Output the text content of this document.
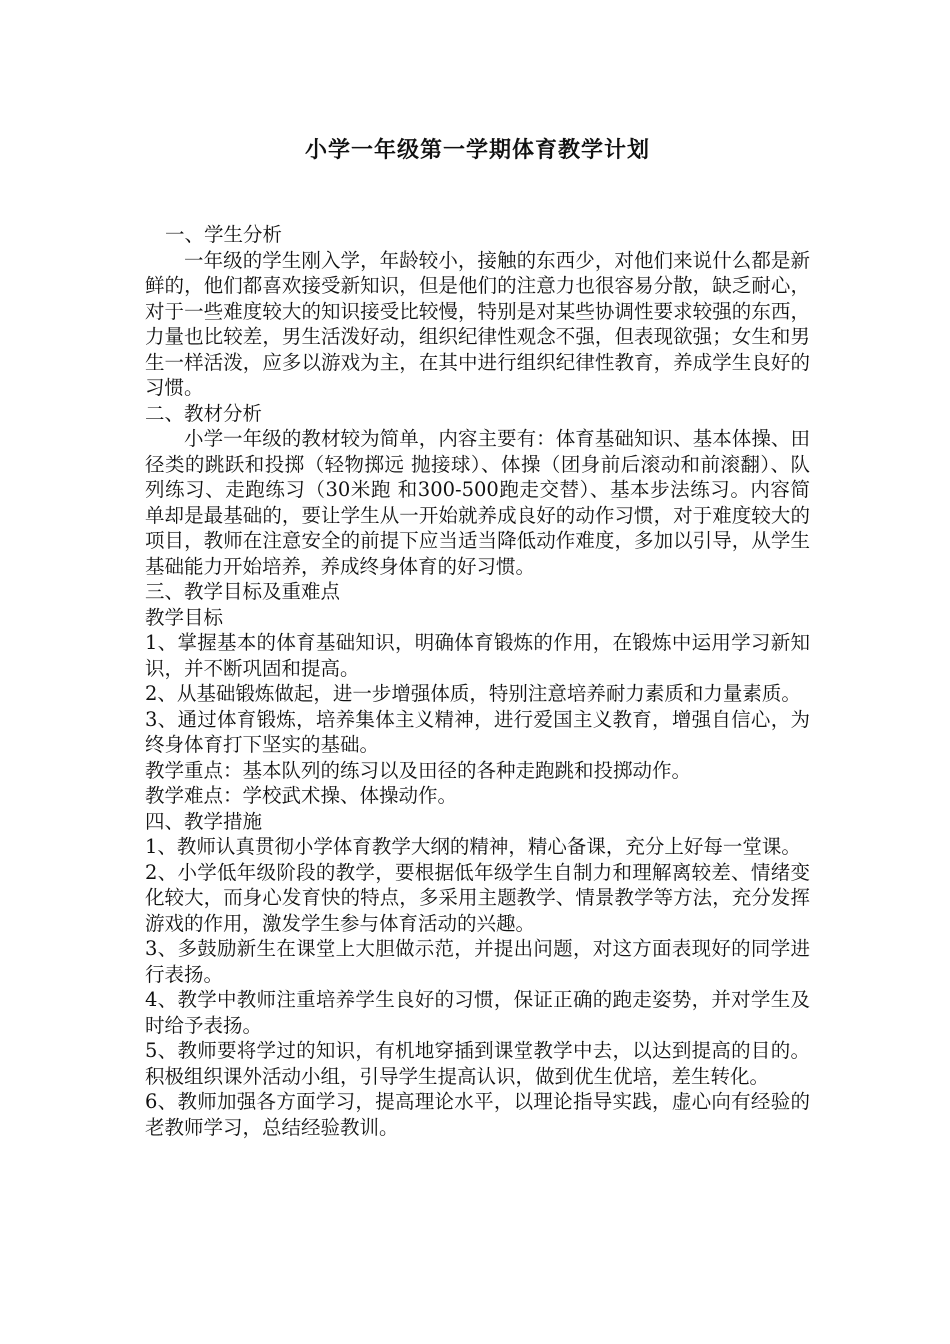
小学一年级第一学期体育教学计划

一、学生分析

一年级的学生刚入学，年龄较小，接触的东西少，对他们来说什么都是新鲜的，他们都喜欢接受新知识，但是他们的注意力也很容易分散，缺乏耐心，对于一些难度较大的知识接受比较慢，特别是对某些协调性要求较强的东西，力量也比较差，男生活泼好动，组织纪律性观念不强，但表现欲强；女生和男生一样活泼，应多以游戏为主，在其中进行组织纪律性教育，养成学生良好的习惯。

二、教材分析

小学一年级的教材较为简单，内容主要有：体育基础知识、基本体操、田径类的跳跃和投掷（轻物掷远 抛接球）、体操（团身前后滚动和前滚翻）、队列练习、走跑练习（30米跑 和300-500跑走交替）、基本步法练习。内容简单却是最基础的，要让学生从一开始就养成良好的动作习惯，对于难度较大的项目，教师在注意安全的前提下应当适当降低动作难度，多加以引导，从学生基础能力开始培养，养成终身体育的好习惯。

三、教学目标及重难点

教学目标

1、掌握基本的体育基础知识，明确体育锻炼的作用，在锻炼中运用学习新知识，并不断巩固和提高。

2、从基础锻炼做起，进一步增强体质，特别注意培养耐力素质和力量素质。

3、通过体育锻炼，培养集体主义精神，进行爱国主义教育，增强自信心，为终身体育打下坚实的基础。

教学重点：基本队列的练习以及田径的各种走跑跳和投掷动作。

教学难点：学校武术操、体操动作。

四、教学措施

1、教师认真贯彻小学体育教学大纲的精神，精心备课，充分上好每一堂课。

2、小学低年级阶段的教学，要根据低年级学生自制力和理解离较差、情绪变化较大，而身心发育快的特点，多采用主题教学、情景教学等方法，充分发挥游戏的作用，激发学生参与体育活动的兴趣。

3、多鼓励新生在课堂上大胆做示范，并提出问题，对这方面表现好的同学进行表扬。

4、教学中教师注重培养学生良好的习惯，保证正确的跑走姿势，并对学生及时给予表扬。

5、教师要将学过的知识，有机地穿插到课堂教学中去，以达到提高的目的。积极组织课外活动小组，引导学生提高认识，做到优生优培，差生转化。

6、教师加强各方面学习，提高理论水平，以理论指导实践，虚心向有经验的老教师学习，总结经验教训。
